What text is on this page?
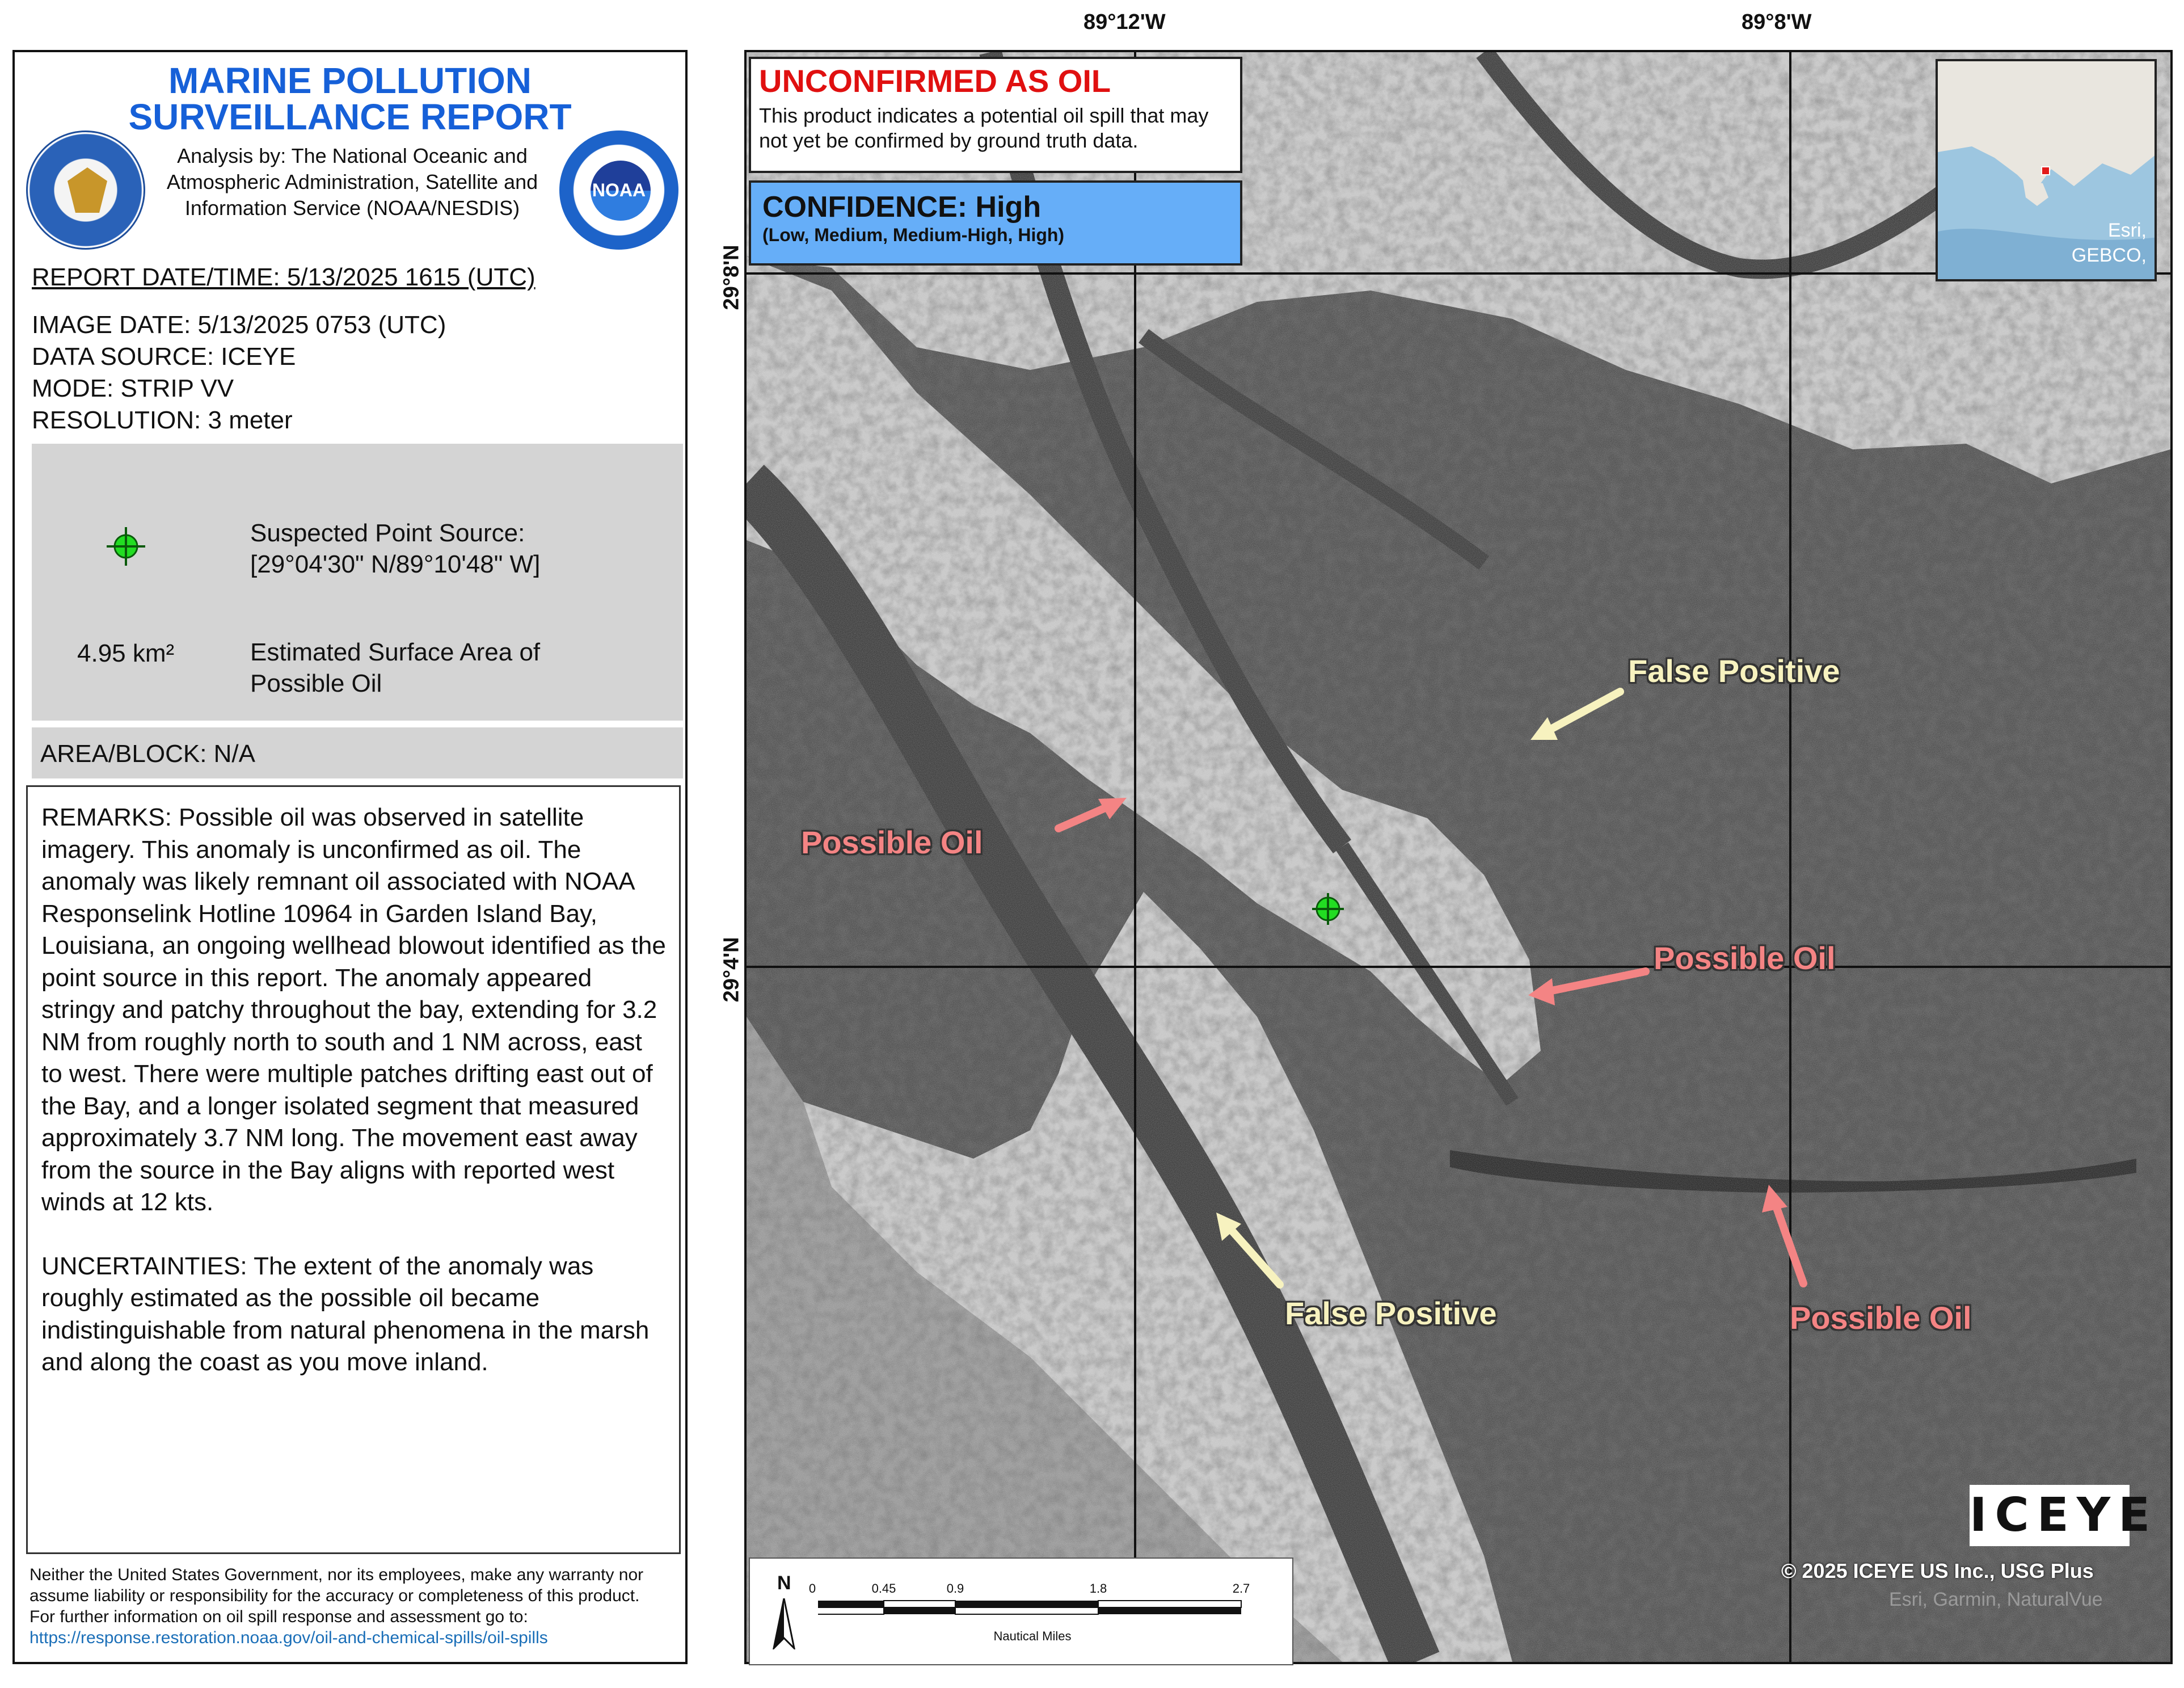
MARINE POLLUTION
SURVEILLANCE REPORT
NOAA
Analysis by: The National Oceanic and Atmospheric Administration, Satellite and Information Service (NOAA/NESDIS)
REPORT DATE/TIME: 5/13/2025 1615 (UTC)
IMAGE DATE: 5/13/2025 0753 (UTC)
DATA SOURCE: ICEYE
MODE: STRIP VV
RESOLUTION: 3 meter
Suspected Point Source:
[29°04'30" N/89°10'48" W]
4.95 km²	Estimated Surface Area of
Possible Oil
AREA/BLOCK: N/A

REMARKS: Possible oil was observed in satellite imagery. This anomaly is unconfirmed as oil. The anomaly was likely remnant oil associated with NOAA Responselink Hotline 10964 in Garden Island Bay, Louisiana, an ongoing wellhead blowout identified as the point source in this report. The anomaly appeared stringy and patchy throughout the bay, extending for 3.2 NM from roughly north to south and 1 NM across, east to west. There were multiple patches drifting east out of the Bay, and a longer isolated segment that measured approximately 3.7 NM long. The movement east away from the source in the Bay aligns with reported west winds at 12 kts.

UNCERTAINTIES: The extent of the anomaly was roughly estimated as the possible oil became indistinguishable from natural phenomena in the marsh and along the coast as you move inland.

Neither the United States Government, nor its employees, make any warranty nor assume liability or responsibility for the accuracy or completeness of this product.
For further information on oil spill response and assessment go to: https://response.restoration.noaa.gov/oil-and-chemical-spills/oil-spills
89°12'W	89°8'W
29°8'N
29°4'N
UNCONFIRMED AS OIL
This product indicates a potential oil spill that may not yet be confirmed by ground truth data.
CONFIDENCE: High
(Low, Medium, Medium-High, High)	Esri,
GEBCO,
Possible Oil
Possible Oil
Possible Oil
False Positive
False Positive
N 0	0.45	0.9	1.8	2.7
Nautical Miles
ICEYE
© 2025 ICEYE US Inc., USG Plus
Esri, Garmin, NaturalVue
